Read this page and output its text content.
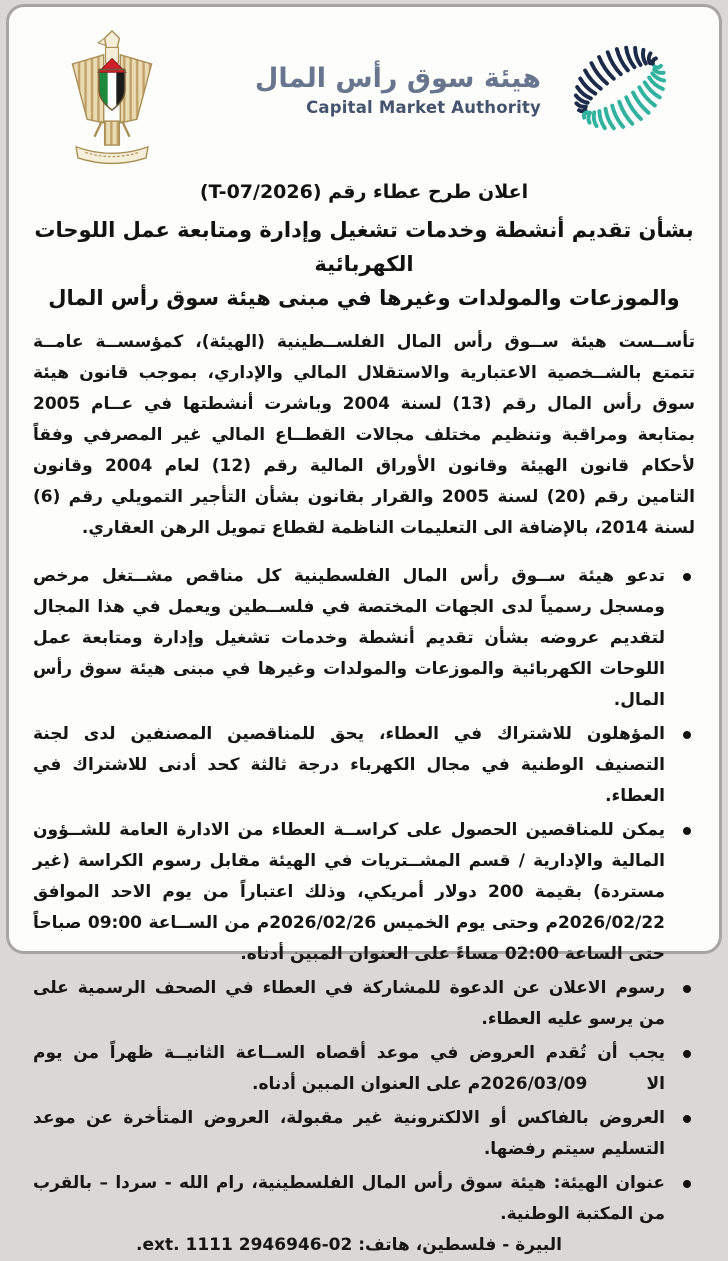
هيئة سوق رأس المال
Capital Market Authority
اعلان طرح عطاء رقم (T-07/2026)
بشأن تقديم أنشطة وخدمات تشغيل وإدارة ومتابعة عمل اللوحات الكهربائية
والموزعات والمولدات وغيرها في مبنى هيئة سوق رأس المال

تأســست هيئة ســوق رأس المال الفلســطينية (الهيئة)، كمؤسســة عامــة تتمتع بالشــخصية الاعتبارية والاستقلال المالي والإداري، بموجب قانون هيئة سوق رأس المال رقم (13) لسنة 2004 وباشرت أنشطتها في عــام 2005 بمتابعة ومراقبة وتنظيم مختلف مجالات القطــاع المالي غير المصرفي وفقاً لأحكام قانون الهيئة وقانون الأوراق المالية رقم (12) لعام 2004 وقانون التامين رقم (20) لسنة 2005 والقرار بقانون بشأن التأجير التمويلي رقم (6) لسنة 2014، بالإضافة الى التعليمات الناظمة لقطاع تمويل الرهن العقاري.

تدعو هيئة ســوق رأس المال الفلسطينية كل مناقص مشــتغل مرخص ومسجل رسمياً لدى الجهات المختصة في فلســطين ويعمل في هذا المجال لتقديم عروضه بشأن تقديم أنشطة وخدمات تشغيل وإدارة ومتابعة عمل اللوحات الكهربائية والموزعات والمولدات وغيرها في مبنى هيئة سوق رأس المال.
المؤهلون للاشتراك في العطاء، يحق للمناقصين المصنفين لدى لجنة التصنيف الوطنية في مجال الكهرباء درجة ثالثة كحد أدنى للاشتراك في العطاء.
يمكن للمناقصين الحصول على كراســة العطاء من الادارة العامة للشــؤون المالية والإدارية / قسم المشــتريات في الهيئة مقابل رسوم الكراسة (غير مستردة) بقيمة 200 دولار أمريكي، وذلك اعتباراً من يوم الاحد الموافق 2026/02/22م وحتى يوم الخميس 2026/02/26م من الســاعة 09:00 صباحاً حتى الساعة 02:00 مساءً على العنوان المبين أدناه.
رسوم الاعلان عن الدعوة للمشاركة في العطاء في الصحف الرسمية على من يرسو عليه العطاء.
يجب أن تُقدم العروض في موعد أقصاه الســاعة الثانيــة ظهراً من يوم الا          2026/03/09م على العنوان المبين أدناه.
العروض بالفاكس أو الالكترونية غير مقبولة، العروض المتأخرة عن موعد التسليم سيتم رفضها.
عنوان الهيئة: هيئة سوق رأس المال الفلسطينية، رام الله - سردا – بالقرب من المكتبة الوطنية.
البيرة - فلسطين، هاتف: 02-2946946 ext. 1111.
